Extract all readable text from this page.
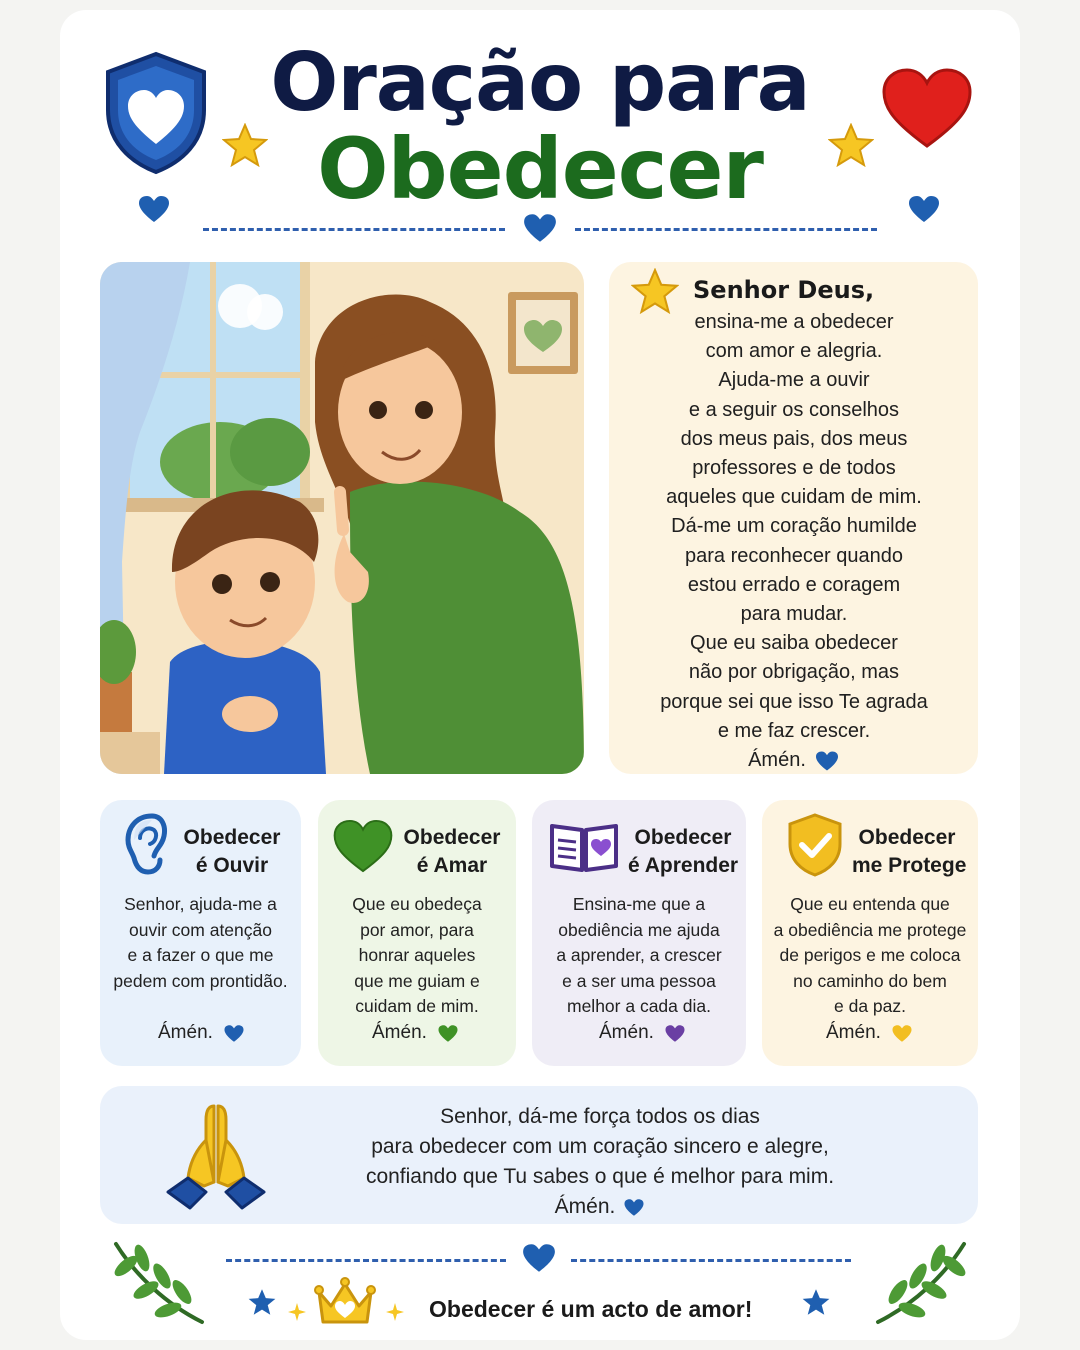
Oração para
Obedecer
Senhor Deus,
ensina-me a obedecer
com amor e alegria.
Ajuda-me a ouvir
e a seguir os conselhos
dos meus pais, dos meus
professores e de todos
aqueles que cuidam de mim.
Dá-me um coração humilde
para reconhecer quando
estou errado e coragem
para mudar.
Que eu saiba obedecer
não por obrigação, mas
porque sei que isso Te agrada
e me faz crescer.
Ámén.
Obedecer
é Ouvir
Senhor, ajuda-me a
ouvir com atenção
e a fazer o que me
pedem com prontidão.
Ámén.
Obedecer
é Amar
Que eu obedeça
por amor, para
honrar aqueles
que me guiam e
cuidam de mim.
Ámén.
Obedecer
é Aprender
Ensina-me que a
obediência me ajuda
a aprender, a crescer
e a ser uma pessoa
melhor a cada dia.
Ámén.
Obedecer
me Protege
Que eu entenda que
a obediência me protege
de perigos e me coloca
no caminho do bem
e da paz.
Ámén.
Senhor, dá-me força todos os dias
para obedecer com um coração sincero e alegre,
confiando que Tu sabes o que é melhor para mim.
Ámén.
Obedecer é um acto de amor!
